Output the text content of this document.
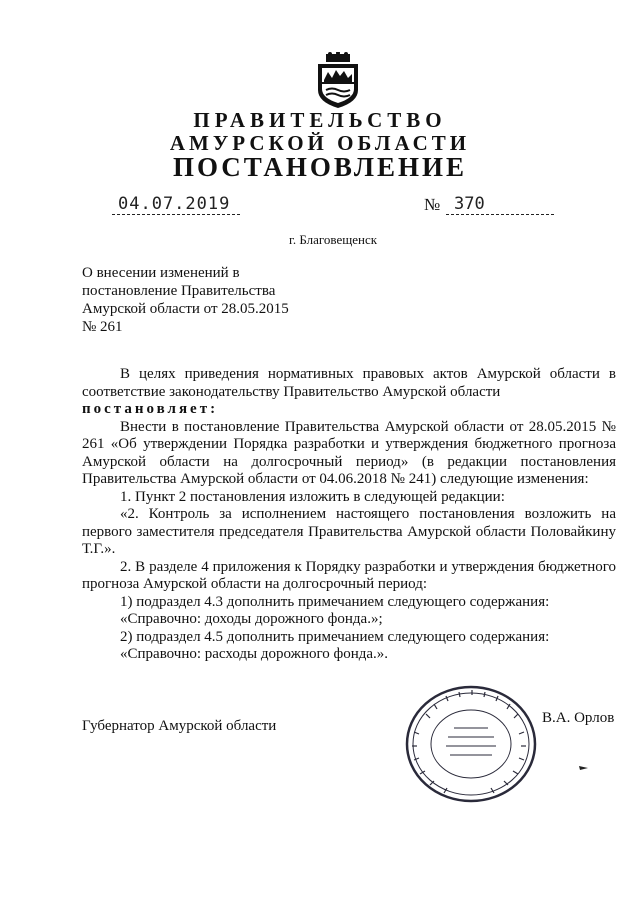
ПРАВИТЕЛЬСТВО
АМУРСКОЙ ОБЛАСТИ
ПОСТАНОВЛЕНИЕ
04.07.2019	№ 370
г. Благовещенск
О внесении изменений в
постановление Правительства
Амурской области от 28.05.2015
№ 261

В целях приведения нормативных правовых актов Амурской области в соответствие законодательству Правительство Амурской области

постановляет:

Внести в постановление Правительства Амурской области от 28.05.2015 № 261 «Об утверждении Порядка разработки и утверждения бюджетного прогноза Амурской области на долгосрочный период» (в редакции постановления Правительства Амурской области от 04.06.2018 № 241) следующие изменения:

1. Пункт 2 постановления изложить в следующей редакции:

«2. Контроль за исполнением настоящего постановления возложить на первого заместителя председателя Правительства Амурской области Половайкину Т.Г.».

2. В разделе 4 приложения к Порядку разработки и утверждения бюджетного прогноза Амурской области на долгосрочный период:

1) подраздел 4.3 дополнить примечанием следующего содержания:

«Справочно: доходы дорожного фонда.»;

2) подраздел 4.5 дополнить примечанием следующего содержания:

«Справочно: расходы дорожного фонда.».

Губернатор Амурской области	В.А. Орлов
